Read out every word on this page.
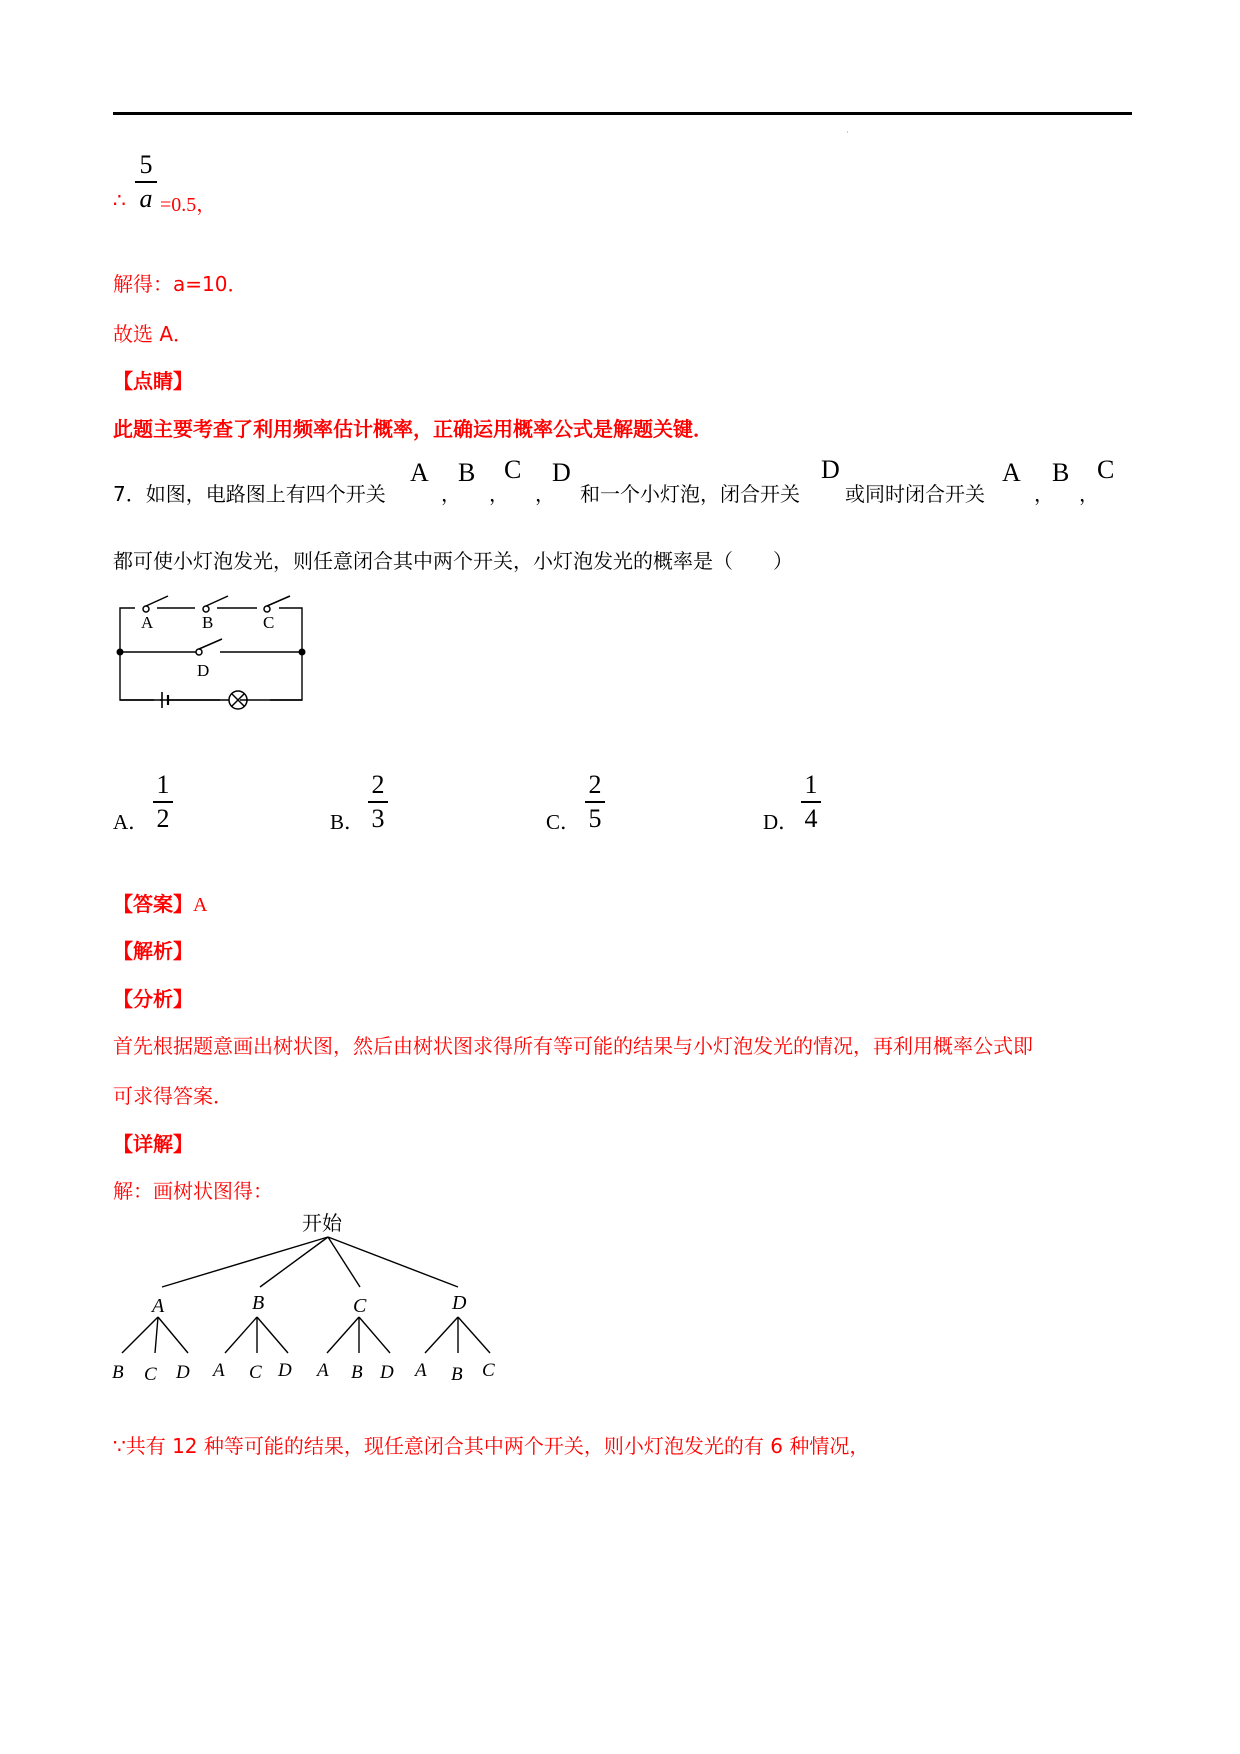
·
5
a
∴ =0.5，
解得：a=10．
故选 A．
【点睛】
此题主要考查了利用频率估计概率，正确运用概率公式是解题关键．
7．如图，电路图上有四个开关
A
，
B
，
C
，
D
和一个小灯泡，闭合开关
D
或同时闭合开关
A
，
B
，
C
都可使小灯泡发光，则任意闭合其中两个开关，小灯泡发光的概率是（　　）
A	B	C
D
A．
1
2	B．
2
3	C．
2
5	D．
1
4
【答案】A
【解析】
【分析】
首先根据题意画出树状图，然后由树状图求得所有等可能的结果与小灯泡发光的情况，再利用概率公式即
可求得答案．
【详解】
解：画树状图得：
开始
A	B	C	D
B C D A C D A B D A B C
∵共有 12 种等可能的结果，现任意闭合其中两个开关，则小灯泡发光的有 6 种情况，
